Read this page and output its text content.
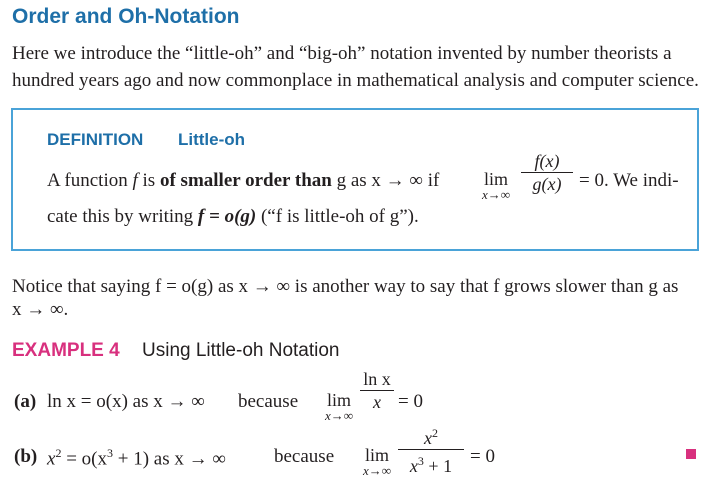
Order and Oh-Notation
Here we introduce the “little-oh” and “big-oh” notation invented by number theorists a
hundred years ago and now commonplace in mathematical analysis and computer science.
DEFINITION Little-oh
A function f is of smaller order than g as x → ∞ if	lim
x→∞
f(x)
g(x) = 0. We indi-
cate this by writing f = o(g) (“f is little-oh of g”).
Notice that saying f = o(g) as x → ∞ is another way to say that f grows slower than g as
x → ∞.
EXAMPLE 4 Using Little-oh Notation
(a) ln x = o(x) as x → ∞ because	lim
x→∞
ln x
x = 0
(b) $x^2 = o(x^3 + 1)$ as x → ∞	because	lim
x→∞
$x^2$
$x^3 + 1 = 0$
